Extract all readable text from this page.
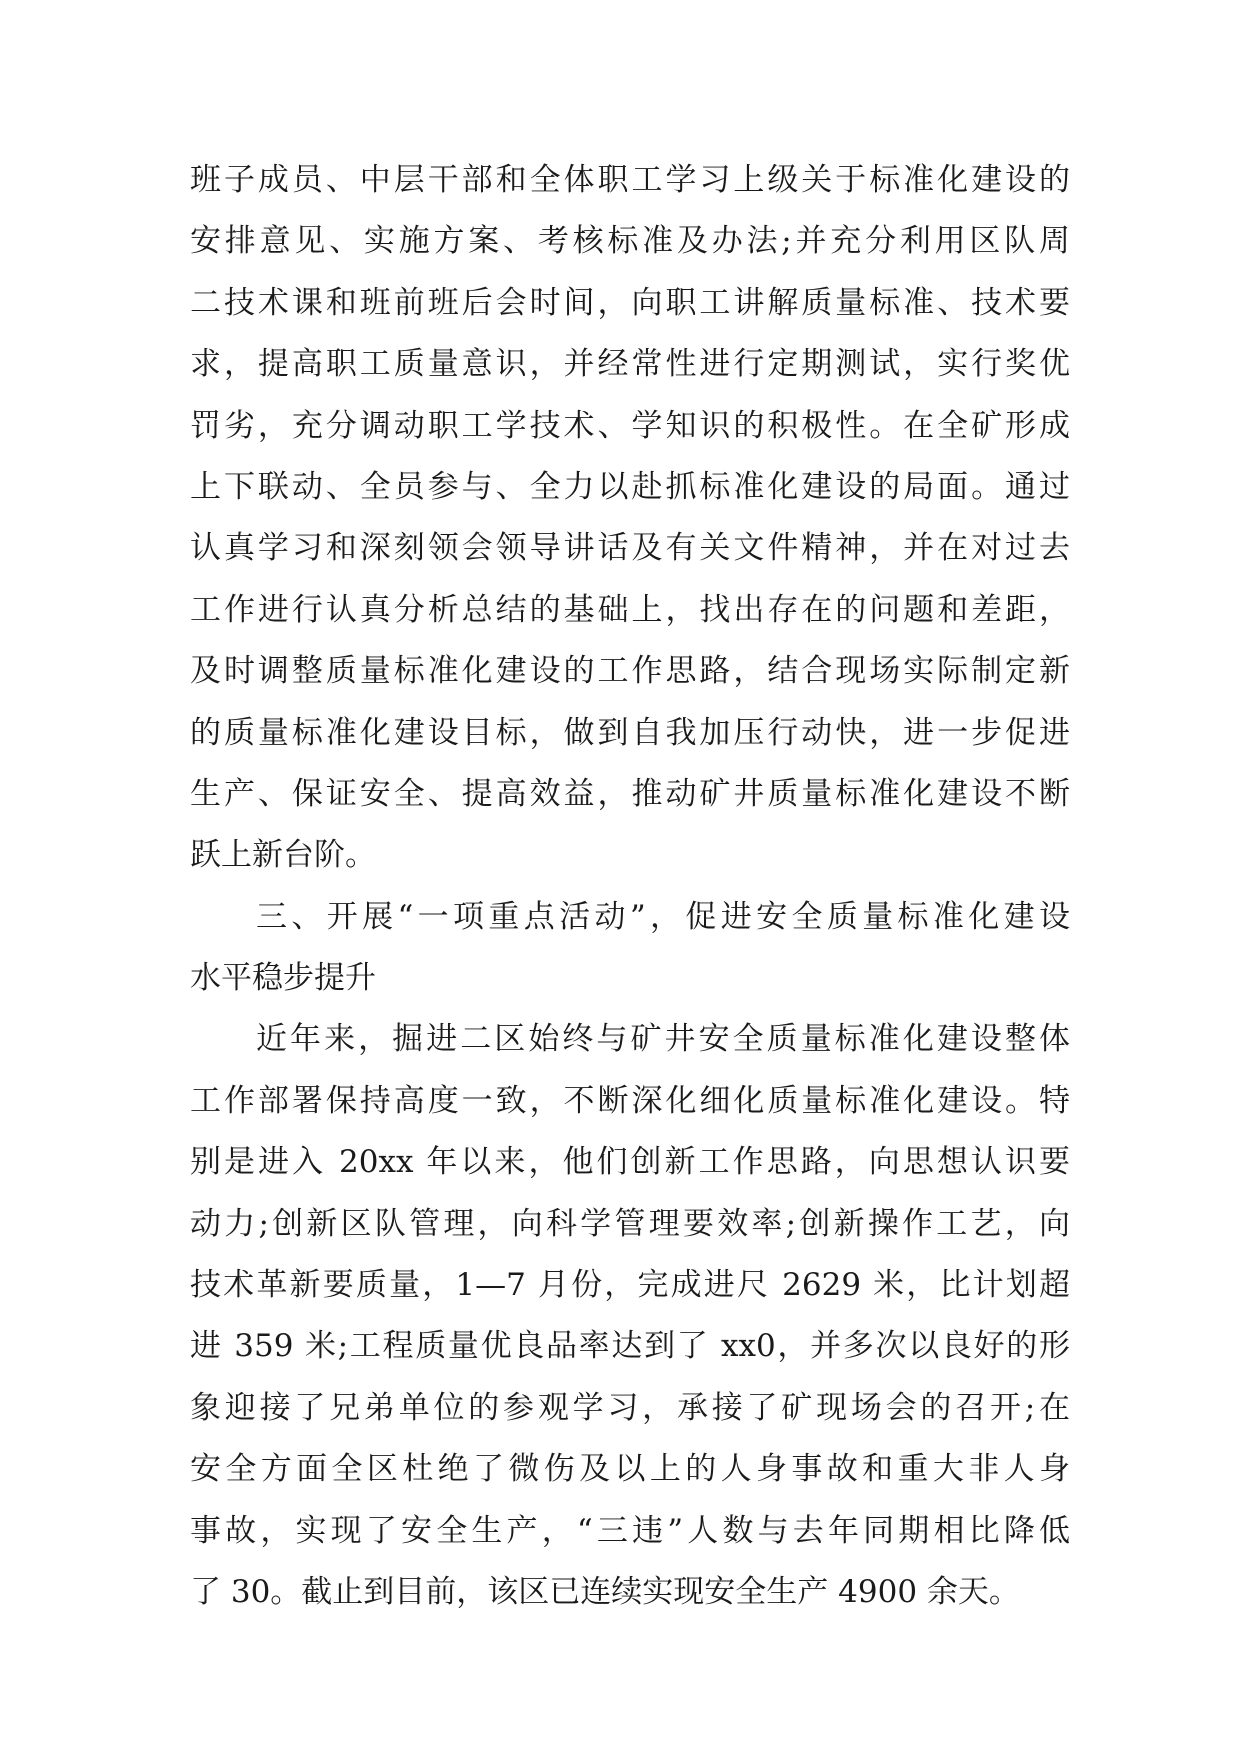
班子成员、中层干部和全体职工学习上级关于标准化建设的
安排意见、实施方案、考核标准及办法;并充分利用区队周
二技术课和班前班后会时间，向职工讲解质量标准、技术要
求，提高职工质量意识，并经常性进行定期测试，实行奖优
罚劣，充分调动职工学技术、学知识的积极性。在全矿形成
上下联动、全员参与、全力以赴抓标准化建设的局面。通过
认真学习和深刻领会领导讲话及有关文件精神，并在对过去
工作进行认真分析总结的基础上，找出存在的问题和差距，
及时调整质量标准化建设的工作思路，结合现场实际制定新
的质量标准化建设目标，做到自我加压行动快，进一步促进
生产、保证安全、提高效益，推动矿井质量标准化建设不断
跃上新台阶。
三、开展“一项重点活动”，促进安全质量标准化建设
水平稳步提升
近年来，掘进二区始终与矿井安全质量标准化建设整体
工作部署保持高度一致，不断深化细化质量标准化建设。特
别是进入 20xx 年以来，他们创新工作思路，向思想认识要
动力;创新区队管理，向科学管理要效率;创新操作工艺，向
技术革新要质量，1—7 月份，完成进尺 2629 米，比计划超
进 359 米;工程质量优良品率达到了 xx0，并多次以良好的形
象迎接了兄弟单位的参观学习，承接了矿现场会的召开;在
安全方面全区杜绝了微伤及以上的人身事故和重大非人身
事故，实现了安全生产，“三违”人数与去年同期相比降低
了 30。截止到目前，该区已连续实现安全生产 4900 余天。
